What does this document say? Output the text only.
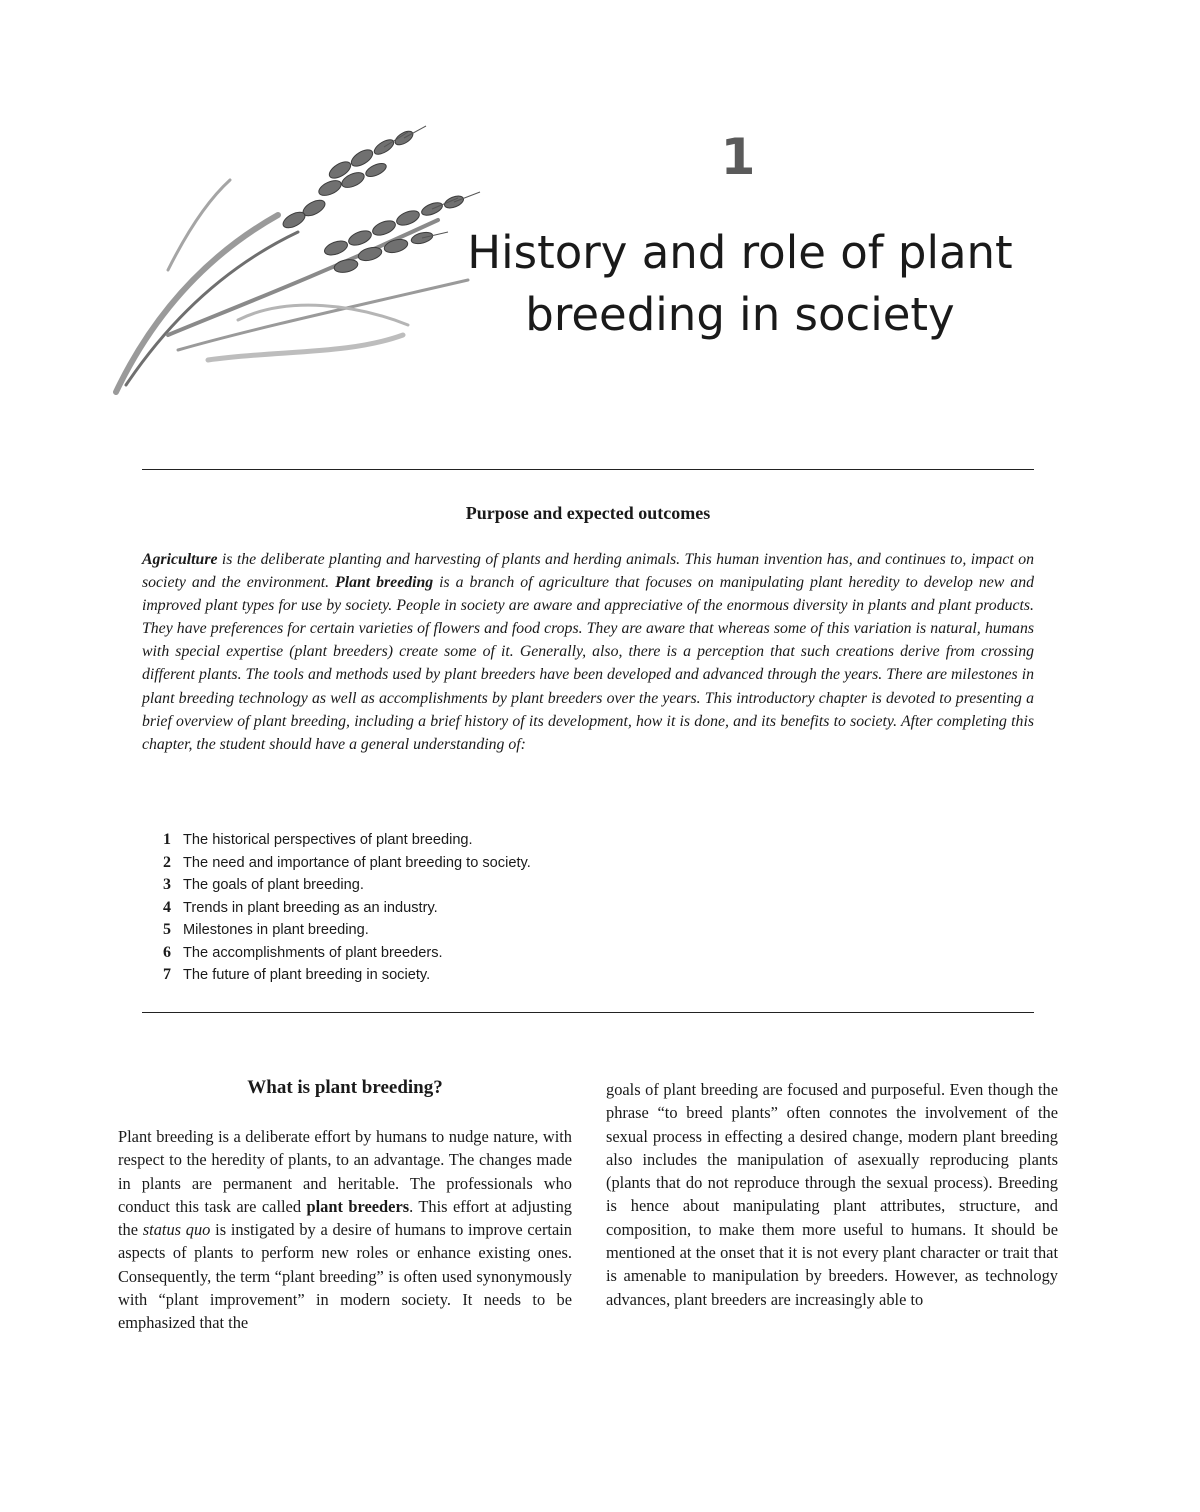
1
History and role of plant
breeding in society
Purpose and expected outcomes

Agriculture is the deliberate planting and harvesting of plants and herding animals. This human invention has, and continues to, impact on society and the environment. Plant breeding is a branch of agriculture that focuses on manipulating plant heredity to develop new and improved plant types for use by society. People in society are aware and appreciative of the enormous diversity in plants and plant products. They have preferences for certain varieties of flowers and food crops. They are aware that whereas some of this variation is natural, humans with special expertise (plant breeders) create some of it. Generally, also, there is a perception that such creations derive from crossing different plants. The tools and methods used by plant breeders have been developed and advanced through the years. There are milestones in plant breeding technology as well as accomplishments by plant breeders over the years. This introductory chapter is devoted to presenting a brief overview of plant breeding, including a brief history of its development, how it is done, and its benefits to society. After completing this chapter, the student should have a general understanding of:

1 The historical perspectives of plant breeding.
2 The need and importance of plant breeding to society.
3 The goals of plant breeding.
4 Trends in plant breeding as an industry.
5 Milestones in plant breeding.
6 The accomplishments of plant breeders.
7 The future of plant breeding in society.
What is plant breeding?

Plant breeding is a deliberate effort by humans to nudge nature, with respect to the heredity of plants, to an advantage. The changes made in plants are permanent and heritable. The professionals who conduct this task are called plant breeders. This effort at adjusting the status quo is instigated by a desire of humans to improve certain aspects of plants to perform new roles or enhance existing ones. Consequently, the term “plant breeding” is often used synonymously with “plant improvement” in modern society. It needs to be emphasized that the

goals of plant breeding are focused and purposeful. Even though the phrase “to breed plants” often connotes the involvement of the sexual process in effecting a desired change, modern plant breeding also includes the manipulation of asexually reproducing plants (plants that do not reproduce through the sexual process). Breeding is hence about manipulating plant attributes, structure, and composition, to make them more useful to humans. It should be mentioned at the onset that it is not every plant character or trait that is amenable to manipulation by breeders. However, as technology advances, plant breeders are increasingly able to
